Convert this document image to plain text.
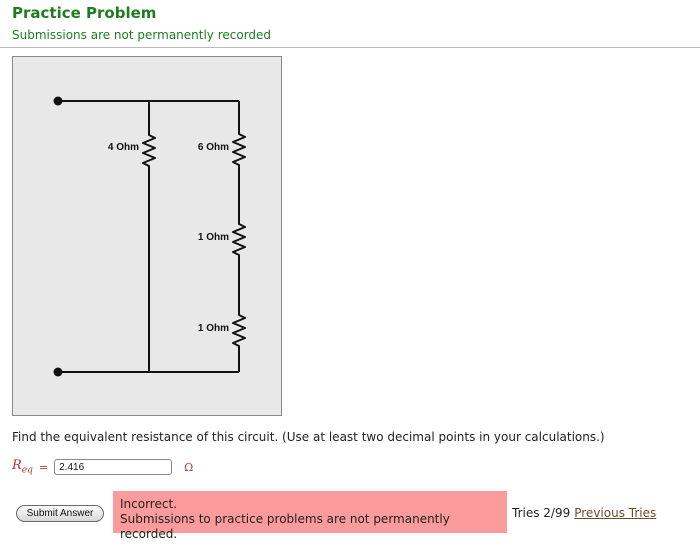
Practice Problem
Submissions are not permanently recorded
4 Ohm	6 Ohm
1 Ohm
1 Ohm
Find the equivalent resistance of this circuit. (Use at least two decimal points in your calculations.)
$R_{eq}$ =
2.416	Ω
Submit Answer
Incorrect.
Submissions to practice problems are not permanently recorded.
Tries 2/99 Previous Tries
